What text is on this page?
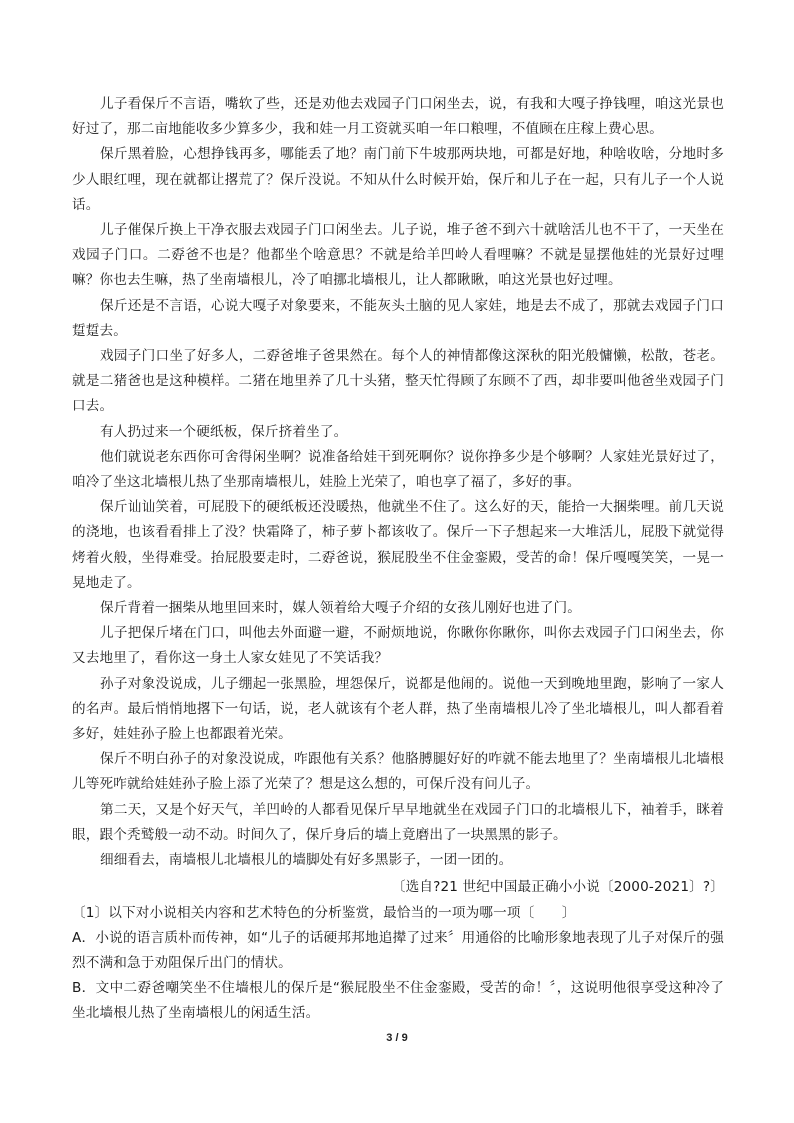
儿子看保斤不言语，嘴软了些，还是劝他去戏园子门口闲坐去，说，有我和大嘎子挣钱哩，咱这光景也好过了，那二亩地能收多少算多少，我和娃一月工资就买咱一年口粮哩，不值顾在庄稼上费心思。

保斤黑着脸，心想挣钱再多，哪能丢了地？南门前下牛坡那两块地，可都是好地，种啥收啥，分地时多少人眼红哩，现在就都让撂荒了？保斤没说。不知从什么时候开始，保斤和儿子在一起，只有儿子一个人说话。

儿子催保斤换上干净衣服去戏园子门口闲坐去。儿子说，堆子爸不到六十就啥活儿也不干了，一天坐在戏园子门口。二孬爸不也是？他都坐个啥意思？不就是给羊凹岭人看哩嘛？不就是显摆他娃的光景好过哩嘛？你也去生嘛，热了坐南墙根儿，冷了咱挪北墙根儿，让人都瞅瞅，咱这光景也好过哩。

保斤还是不言语，心说大嘎子对象要来，不能灰头土脑的见人家娃，地是去不成了，那就去戏园子门口踅踅去。

戏园子门口坐了好多人，二孬爸堆子爸果然在。每个人的神情都像这深秋的阳光般慵懒，松散，苍老。就是二猪爸也是这种模样。二猪在地里养了几十头猪，整天忙得顾了东顾不了西，却非要叫他爸坐戏园子门口去。

有人扔过来一个硬纸板，保斤挤着坐了。

他们就说老东西你可舍得闲坐啊？说准备给娃干到死啊你？说你挣多少是个够啊？人家娃光景好过了，咱冷了坐这北墙根儿热了坐那南墙根儿，娃脸上光荣了，咱也享了福了，多好的事。

保斤讪讪笑着，可屁股下的硬纸板还没暖热，他就坐不住了。这么好的天，能拾一大捆柴哩。前几天说的浇地，也该看看排上了没？快霜降了，柿子萝卜都该收了。保斤一下子想起来一大堆活儿，屁股下就觉得烤着火般，坐得难受。抬屁股要走时，二孬爸说，猴屁股坐不住金銮殿，受苦的命！保斤嘎嘎笑笑，一晃一晃地走了。

保斤背着一捆柴从地里回来时，媒人领着给大嘎子介绍的女孩儿刚好也进了门。

儿子把保斤堵在门口，叫他去外面避一避，不耐烦地说，你瞅你你瞅你，叫你去戏园子门口闲坐去，你又去地里了，看你这一身土人家女娃见了不笑话我？

孙子对象没说成，儿子绷起一张黑脸，埋怨保斤，说都是他闹的。说他一天到晚地里跑，影响了一家人的名声。最后悄悄地撂下一句话，说，老人就该有个老人群，热了坐南墙根儿冷了坐北墙根儿，叫人都看着多好，娃娃孙子脸上也都跟着光荣。

保斤不明白孙子的对象没说成，咋跟他有关系？他胳膊腿好好的咋就不能去地里了？坐南墙根儿北墙根儿等死咋就给娃娃孙子脸上添了光荣了？想是这么想的，可保斤没有问儿子。

第二天，又是个好天气，羊凹岭的人都看见保斤早早地就坐在戏园子门口的北墙根儿下，袖着手，眯着眼，跟个秃鹫般一动不动。时间久了，保斤身后的墙上竟磨出了一块黑黑的影子。

细细看去，南墙根儿北墙根儿的墙脚处有好多黑影子，一团一团的。

〔选自?21 世纪中国最正确小小说〔2000-2021〕?〕

〔1〕以下对小说相关内容和艺术特色的分析鉴赏，最恰当的一项为哪一项〔　　〕

A．小说的语言质朴而传神，如“儿子的话硬邦邦地追撵了过来〞用通俗的比喻形象地表现了儿子对保斤的强烈不满和急于劝阻保斤出门的情状。

B．文中二孬爸嘲笑坐不住墙根儿的保斤是“猴屁股坐不住金銮殿，受苦的命！〞，这说明他很享受这种冷了坐北墙根儿热了坐南墙根儿的闲适生活。

3 / 9
